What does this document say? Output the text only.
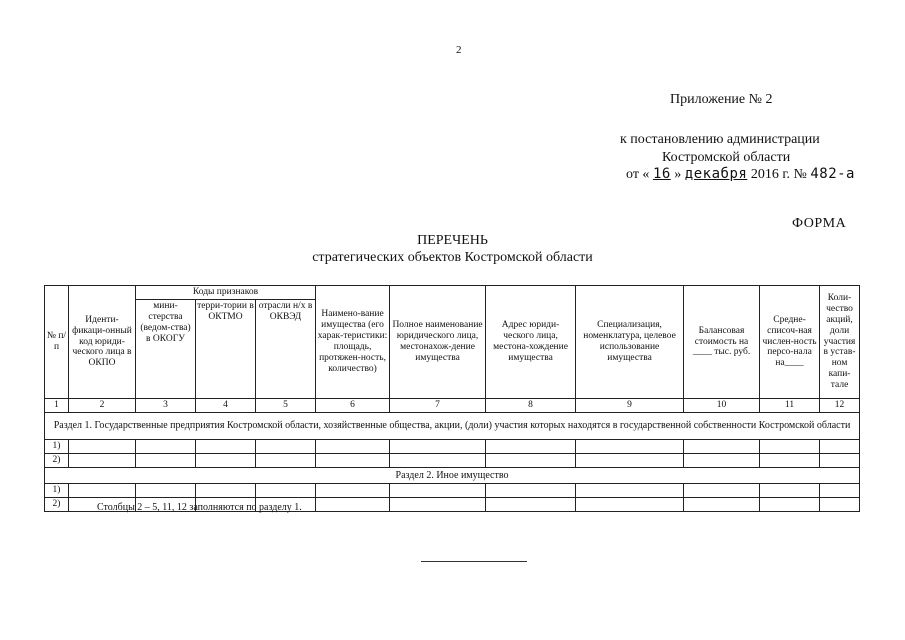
2
Приложение № 2
к постановлению администрации
Костромской области
от « 16 » декабря 2016 г. № 482-а
ФОРМА
ПЕРЕЧЕНЬ
стратегических объектов Костромской области
№ п/п	Иденти-фикаци-онный код юриди-ческого лица в ОКПО	Коды признаков			Наимено-вание имущества (его харак-теристики: площадь, протяжен-ность, количество)	Полное наименование юридического лица, местонахож-дение имущества	Адрес юриди-ческого лица, местона-хождение имущества	Специализация, номенклатура, целевое использование имущества	Балансовая стоимость на ____ тыс. руб.	Средне-списоч-ная числен-ность персо-нала на____	Коли-чество акций, доли участия в устав-ном капи-тале
		мини-стерства (ведом-ства) в ОКОГУ	терри-тории в ОКТМО	отрасли н/х в ОКВЭД							
1	2	3	4	5	6	7	8	9	10	11	12
Раздел 1. Государственные предприятия Костромской области, хозяйственные общества, акции, (доли) участия которых находятся в государственной собственности Костромской области											
1)											
2)											
Раздел 2. Иное имущество											
1)											
2)												Столбцы 2 – 5, 11, 12 заполняются по разделу 1.
